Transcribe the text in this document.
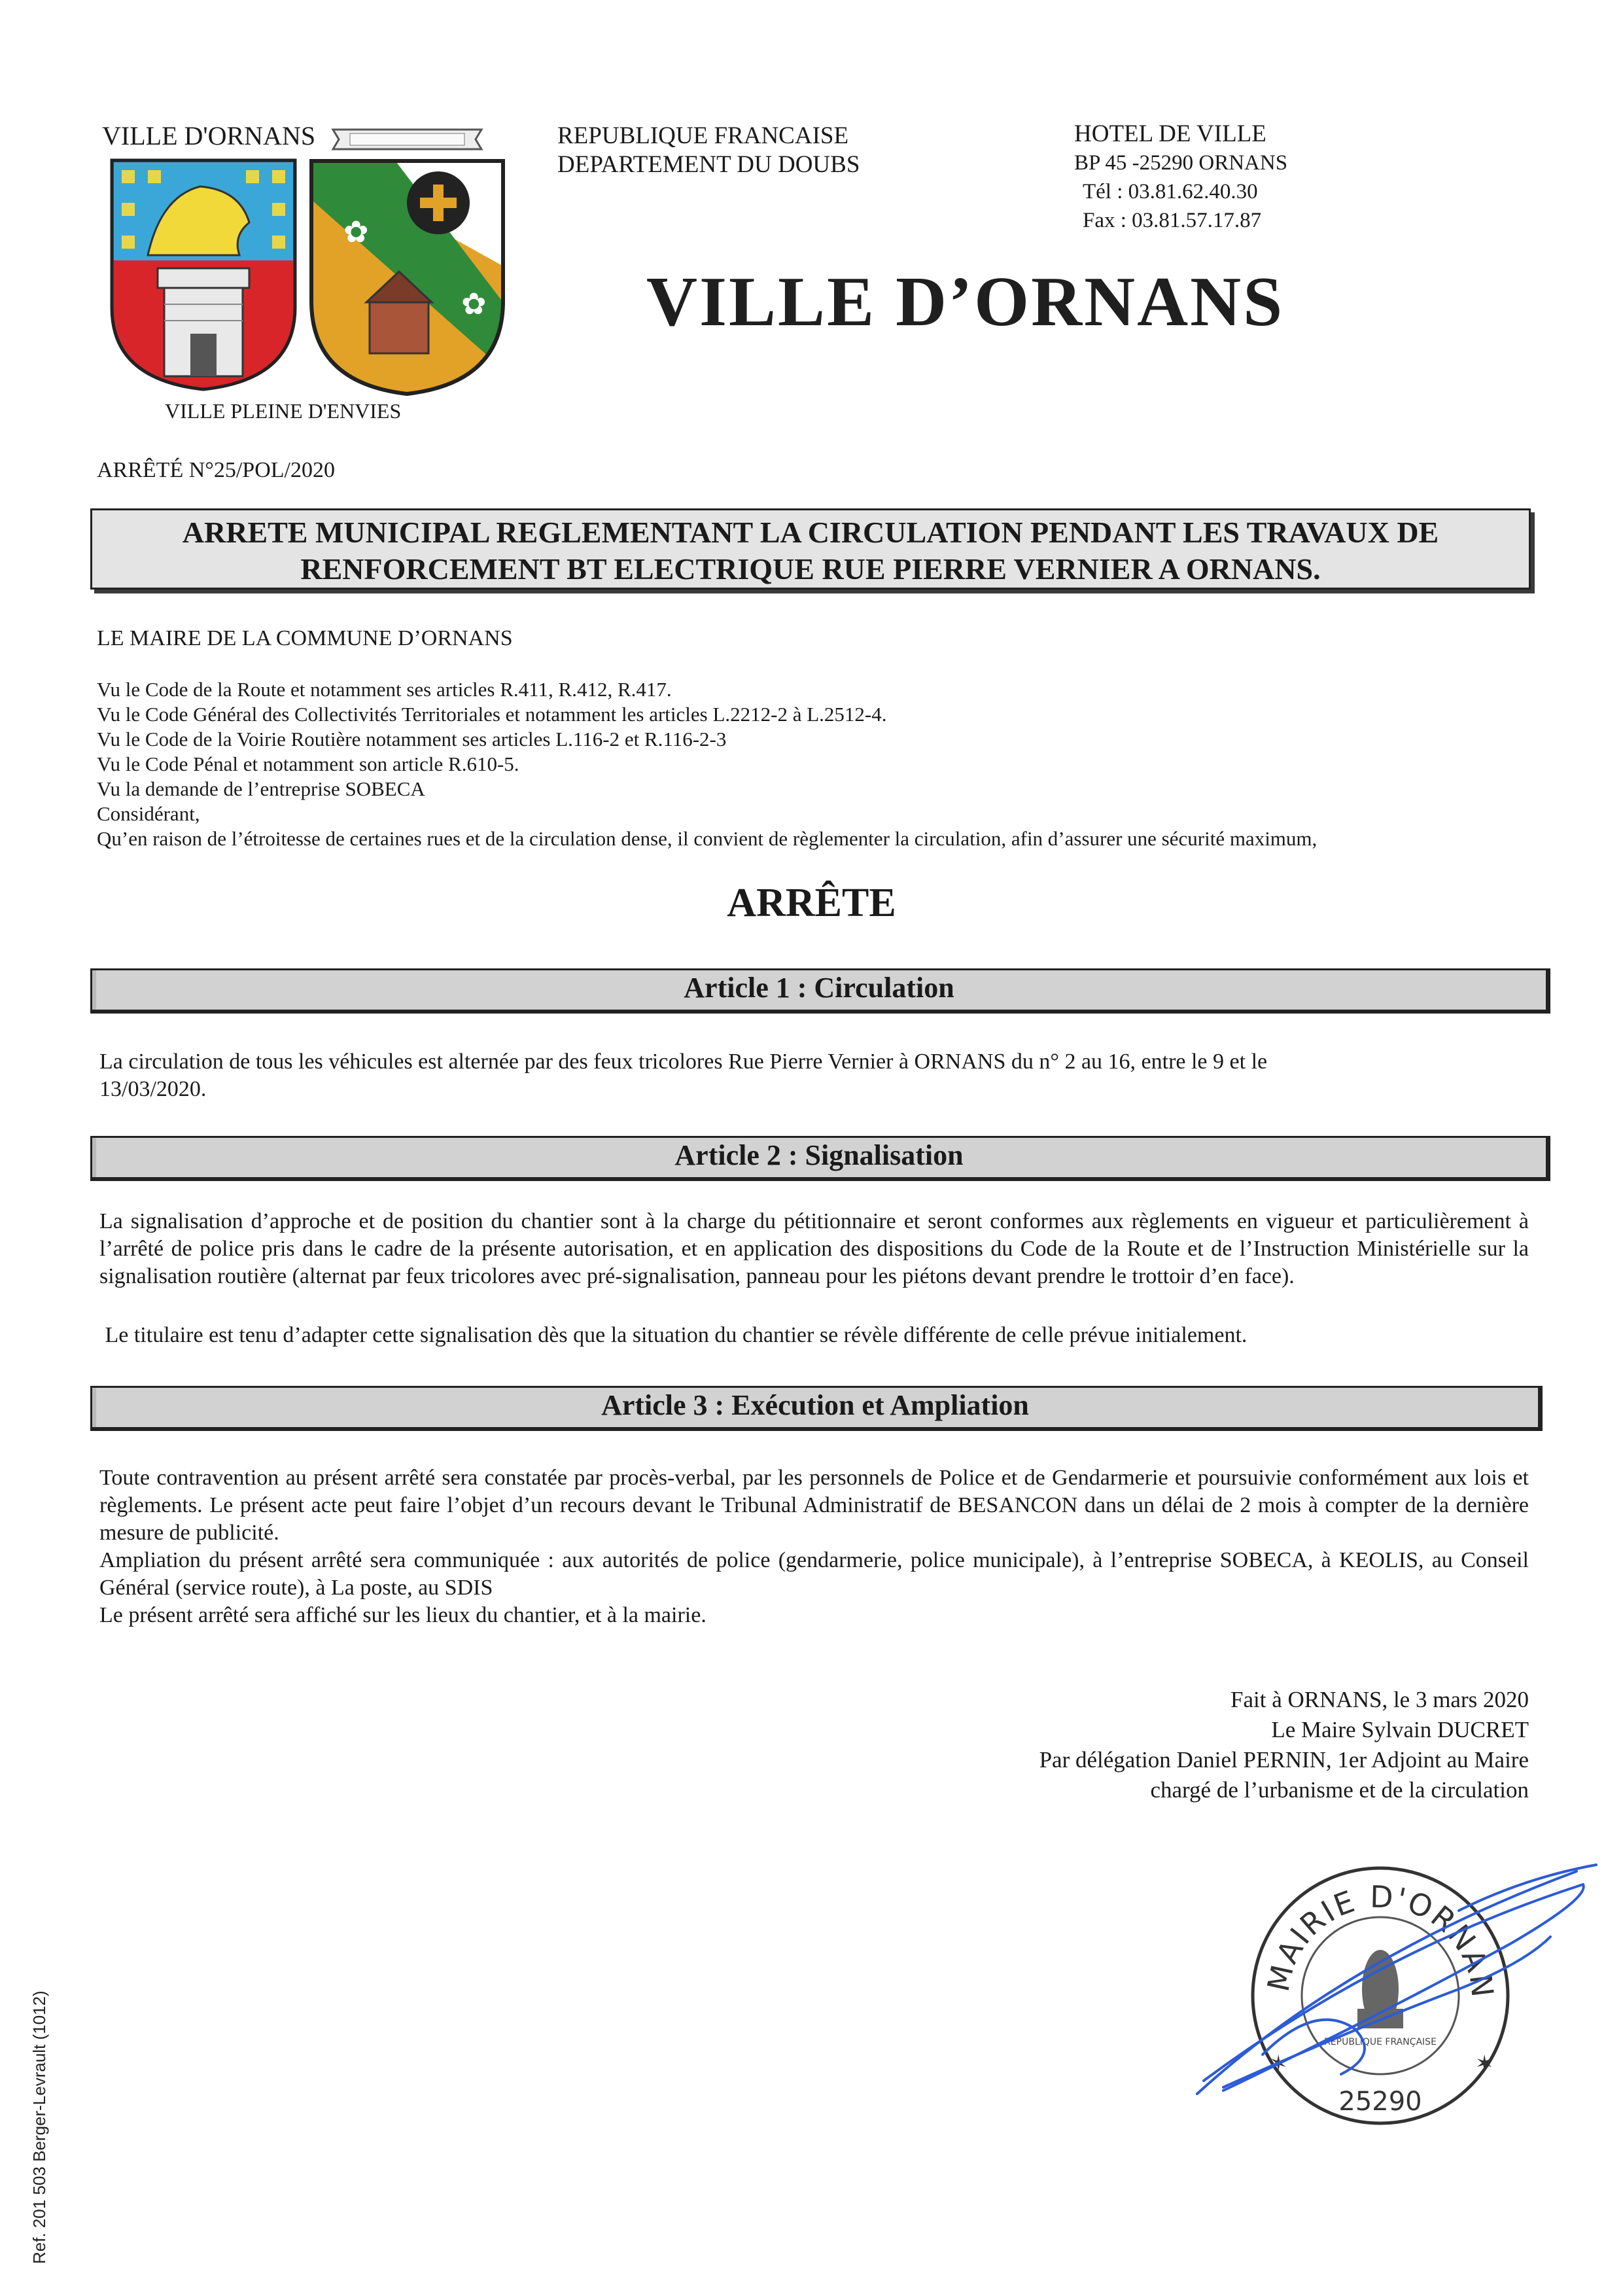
VILLE D'ORNANS
✿
✿
VILLE PLEINE D'ENVIES
REPUBLIQUE FRANCAISE
DEPARTEMENT DU DOUBS
HOTEL DE VILLE
BP 45 -25290 ORNANS
Tél : 03.81.62.40.30
Fax : 03.81.57.17.87
VILLE D’ORNANS
ARRÊTÉ N°25/POL/2020
ARRETE MUNICIPAL REGLEMENTANT LA CIRCULATION PENDANT LES TRAVAUX DE
RENFORCEMENT BT ELECTRIQUE RUE PIERRE VERNIER A ORNANS.
LE MAIRE DE LA COMMUNE D’ORNANS
Vu le Code de la Route et notamment ses articles R.411, R.412, R.417.
Vu le Code Général des Collectivités Territoriales et notamment les articles L.2212-2 à L.2512-4.
Vu le Code de la Voirie Routière notamment ses articles L.116-2 et R.116-2-3
Vu le Code Pénal et notamment son article R.610-5.
Vu la demande de l’entreprise SOBECA
Considérant,
Qu’en raison de l’étroitesse de certaines rues et de la circulation dense, il convient de règlementer la circulation, afin d’assurer une sécurité maximum,
ARRÊTE
Article 1 : Circulation
La circulation de tous les véhicules est alternée par des feux tricolores Rue Pierre Vernier à ORNANS du n° 2 au 16, entre le 9 et le 13/03/2020.
Article 2 : Signalisation
La signalisation d’approche et de position du chantier sont à la charge du pétitionnaire et seront conformes aux règlements en vigueur et particulièrement à l’arrêté de police pris dans le cadre de la présente autorisation, et en application des dispositions du Code de la Route et de l’Instruction Ministérielle sur la signalisation routière (alternat par feux tricolores avec pré-signalisation, panneau pour les piétons devant prendre le trottoir d’en face).
Le titulaire est tenu d’adapter cette signalisation dès que la situation du chantier se révèle différente de celle prévue initialement.
Article 3 : Exécution et Ampliation
Toute contravention au présent arrêté sera constatée par procès-verbal, par les personnels de Police et de Gendarmerie et poursuivie conformément aux lois et règlements. Le présent acte peut faire l’objet d’un recours devant le Tribunal Administratif de BESANCON dans un délai de 2 mois à compter de la dernière mesure de publicité.
Ampliation du présent arrêté sera communiquée : aux autorités de police (gendarmerie, police municipale), à l’entreprise SOBECA, à KEOLIS, au Conseil Général (service route), à La poste, au SDIS
Le présent arrêté sera affiché sur les lieux du chantier, et à la mairie.
Fait à ORNANS, le 3 mars 2020
Le Maire Sylvain DUCRET
Par délégation Daniel PERNIN, 1er Adjoint au Maire
chargé de l’urbanisme et de la circulation
MAIRIE D'ORNAN
25290
RÉPUBLIQUE FRANÇAISE
✶	✶
Ref. 201 503 Berger-Levrault (1012)
